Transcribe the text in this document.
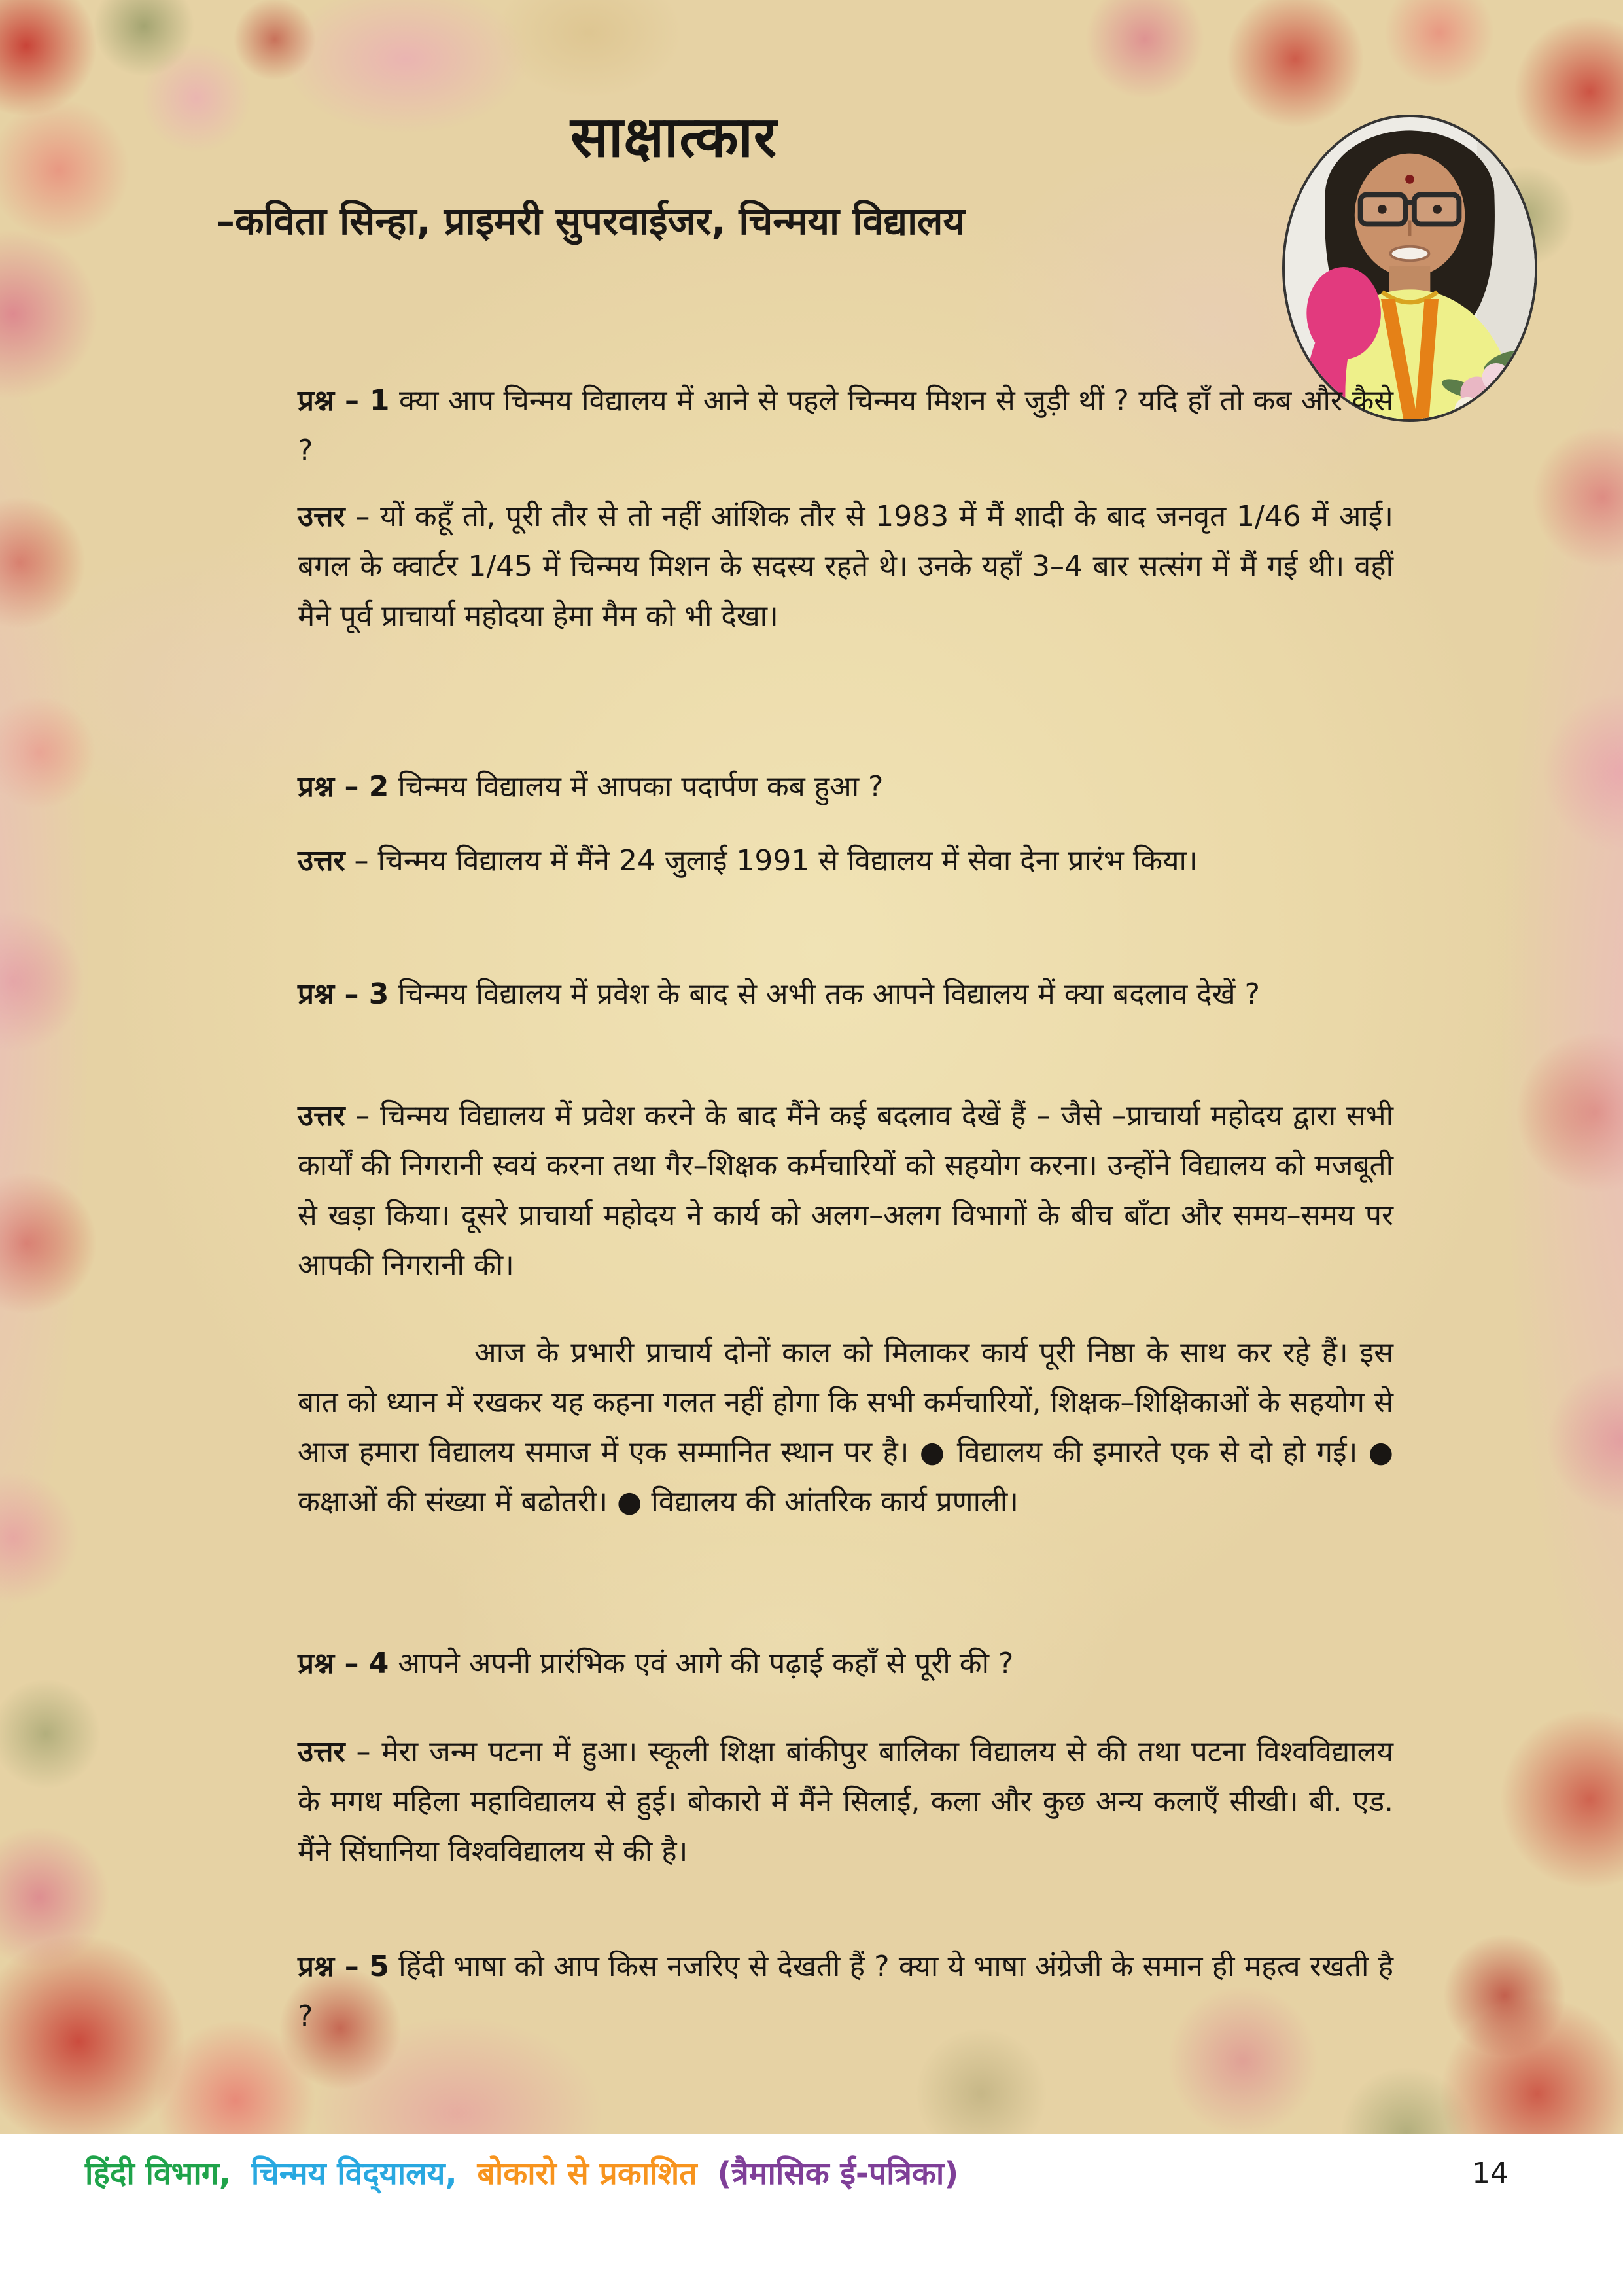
साक्षात्कार
–कविता सिन्हा, प्राइमरी सुपरवाईजर, चिन्मया विद्यालय
प्रश्न – 1 क्या आप चिन्मय विद्यालय में आने से पहले चिन्मय मिशन से जुड़ी थीं ? यदि हाँ तो कब और कैसे ?
उत्तर – यों कहूँ तो, पूरी तौर से तो नहीं आंशिक तौर से 1983 में मैं शादी के बाद जनवृत 1/46 में आई। बगल के क्वार्टर 1/45 में चिन्मय मिशन के सदस्य रहते थे। उनके यहाँ 3–4 बार सत्संग में मैं गई थी। वहीं मैने पूर्व प्राचार्या महोदया हेमा मैम को भी देखा।
प्रश्न – 2 चिन्मय विद्यालय में आपका पदार्पण कब हुआ ?
उत्तर – चिन्मय विद्यालय में मैंने 24 जुलाई 1991 से विद्यालय में सेवा देना प्रारंभ किया।
प्रश्न – 3 चिन्मय विद्यालय में प्रवेश के बाद से अभी तक आपने विद्यालय में क्या बदलाव देखें ?
उत्तर – चिन्मय विद्यालय में प्रवेश करने के बाद मैंने कई बदलाव देखें हैं – जैसे –प्राचार्या महोदय द्वारा सभी कार्यों की निगरानी स्वयं करना तथा गैर–शिक्षक कर्मचारियों को सहयोग करना। उन्होंने विद्यालय को मजबूती से खड़ा किया। दूसरे प्राचार्या महोदय ने कार्य को अलग–अलग विभागों के बीच बाँटा और समय–समय पर आपकी निगरानी की।
आज के प्रभारी प्राचार्य दोनों काल को मिलाकर कार्य पूरी निष्ठा के साथ कर रहे हैं। इस बात को ध्यान में रखकर यह कहना गलत नहीं होगा कि सभी कर्मचारियों, शिक्षक–शिक्षिकाओं के सहयोग से आज हमारा विद्यालय समाज में एक सम्मानित स्थान पर है। ● विद्यालय की इमारते एक से दो हो गई। ● कक्षाओं की संख्या में बढोतरी। ● विद्यालय की आंतरिक कार्य प्रणाली।
प्रश्न – 4 आपने अपनी प्रारंभिक एवं आगे की पढ़ाई कहाँ से पूरी की ?
उत्तर – मेरा जन्म पटना में हुआ। स्कूली शिक्षा बांकीपुर बालिका विद्यालय से की तथा पटना विश्वविद्यालय के मगध महिला महाविद्यालय से हुई। बोकारो में मैंने सिलाई, कला और कुछ अन्य कलाएँ सीखी। बी. एड. मैंने सिंघानिया विश्वविद्यालय से की है।
प्रश्न – 5 हिंदी भाषा को आप किस नजरिए से देखती हैं ? क्या ये भाषा अंग्रेजी के समान ही महत्व रखती है ?
हिंदी विभाग, चिन्मय विद्‌यालय, बोकारो से प्रकाशित (त्रैमासिक ई-पत्रिका)	14
